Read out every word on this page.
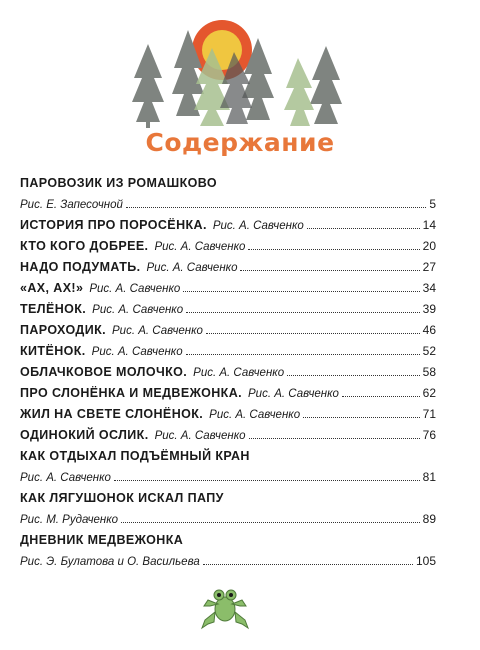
Содержание
ПАРОВОЗИК ИЗ РОМАШКОВО
Рис. Е. Запесочной	5
ИСТОРИЯ ПРО ПОРОСЁНКА. Рис. А. Савченко	14
КТО КОГО ДОБРЕЕ. Рис. А. Савченко	20
НАДО ПОДУМАТЬ. Рис. А. Савченко	27
«АХ, АХ!» Рис. А. Савченко	34
ТЕЛЁНОК. Рис. А. Савченко	39
ПАРОХОДИК. Рис. А. Савченко	46
КИТЁНОК. Рис. А. Савченко	52
ОБЛАЧКОВОЕ МОЛОЧКО. Рис. А. Савченко	58
ПРО СЛОНЁНКА И МЕДВЕЖОНКА. Рис. А. Савченко	62
ЖИЛ НА СВЕТЕ СЛОНЁНОК. Рис. А. Савченко	71
ОДИНОКИЙ ОСЛИК. Рис. А. Савченко	76
КАК ОТДЫХАЛ ПОДЪЁМНЫЙ КРАН
Рис. А. Савченко	81
КАК ЛЯГУШОНОК ИСКАЛ ПАПУ
Рис. М. Рудаченко	89
ДНЕВНИК МЕДВЕЖОНКА
Рис. Э. Булатова и О. Васильева	105
